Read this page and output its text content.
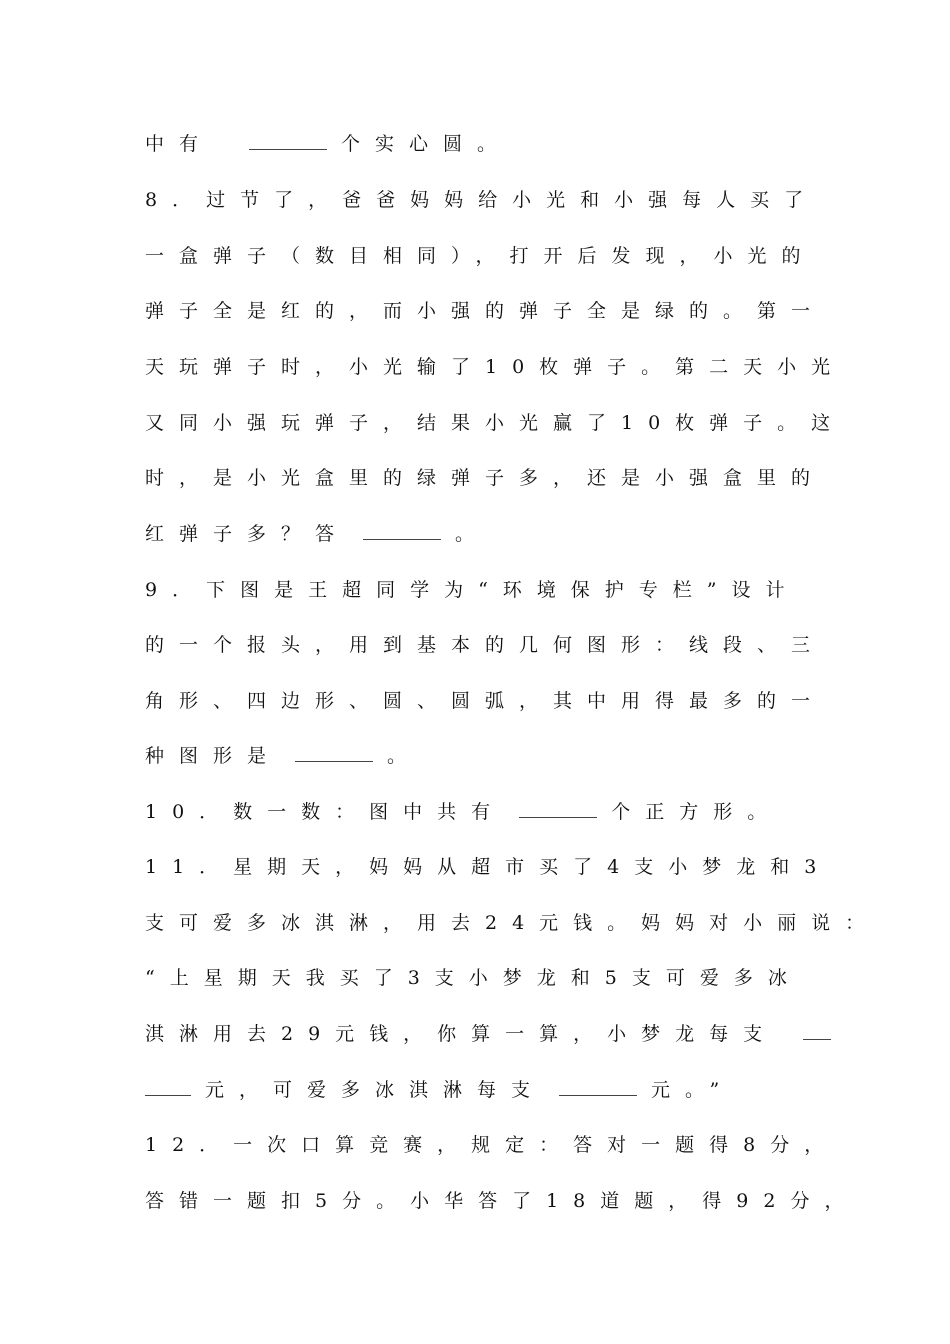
中有	个实心圆。
8．过节了，爸爸妈妈给小光和小强每人买了
一盒弹子（数目相同），打开后发现，小光的
弹子全是红的，而小强的弹子全是绿的。第一
天玩弹子时，小光输了10枚弹子。第二天小光
又同小强玩弹子，结果小光赢了10枚弹子。这
时，是小光盒里的绿弹子多，还是小强盒里的
红弹子多？答	。
9．下图是王超同学为“环境保护专栏”设计
的一个报头，用到基本的几何图形：线段、三
角形、四边形、圆、圆弧，其中用得最多的一
种图形是	。
10．数一数：图中共有	个正方形。
11．星期天，妈妈从超市买了4支小梦龙和3
支可爱多冰淇淋，用去24元钱。妈妈对小丽说：
“上星期天我买了3支小梦龙和5支可爱多冰
淇淋用去29元钱，你算一算，小梦龙每支
元，可爱多冰淇淋每支	元。”
12．一次口算竞赛，规定：答对一题得8分，
答错一题扣5分。小华答了18道题，得92分，
